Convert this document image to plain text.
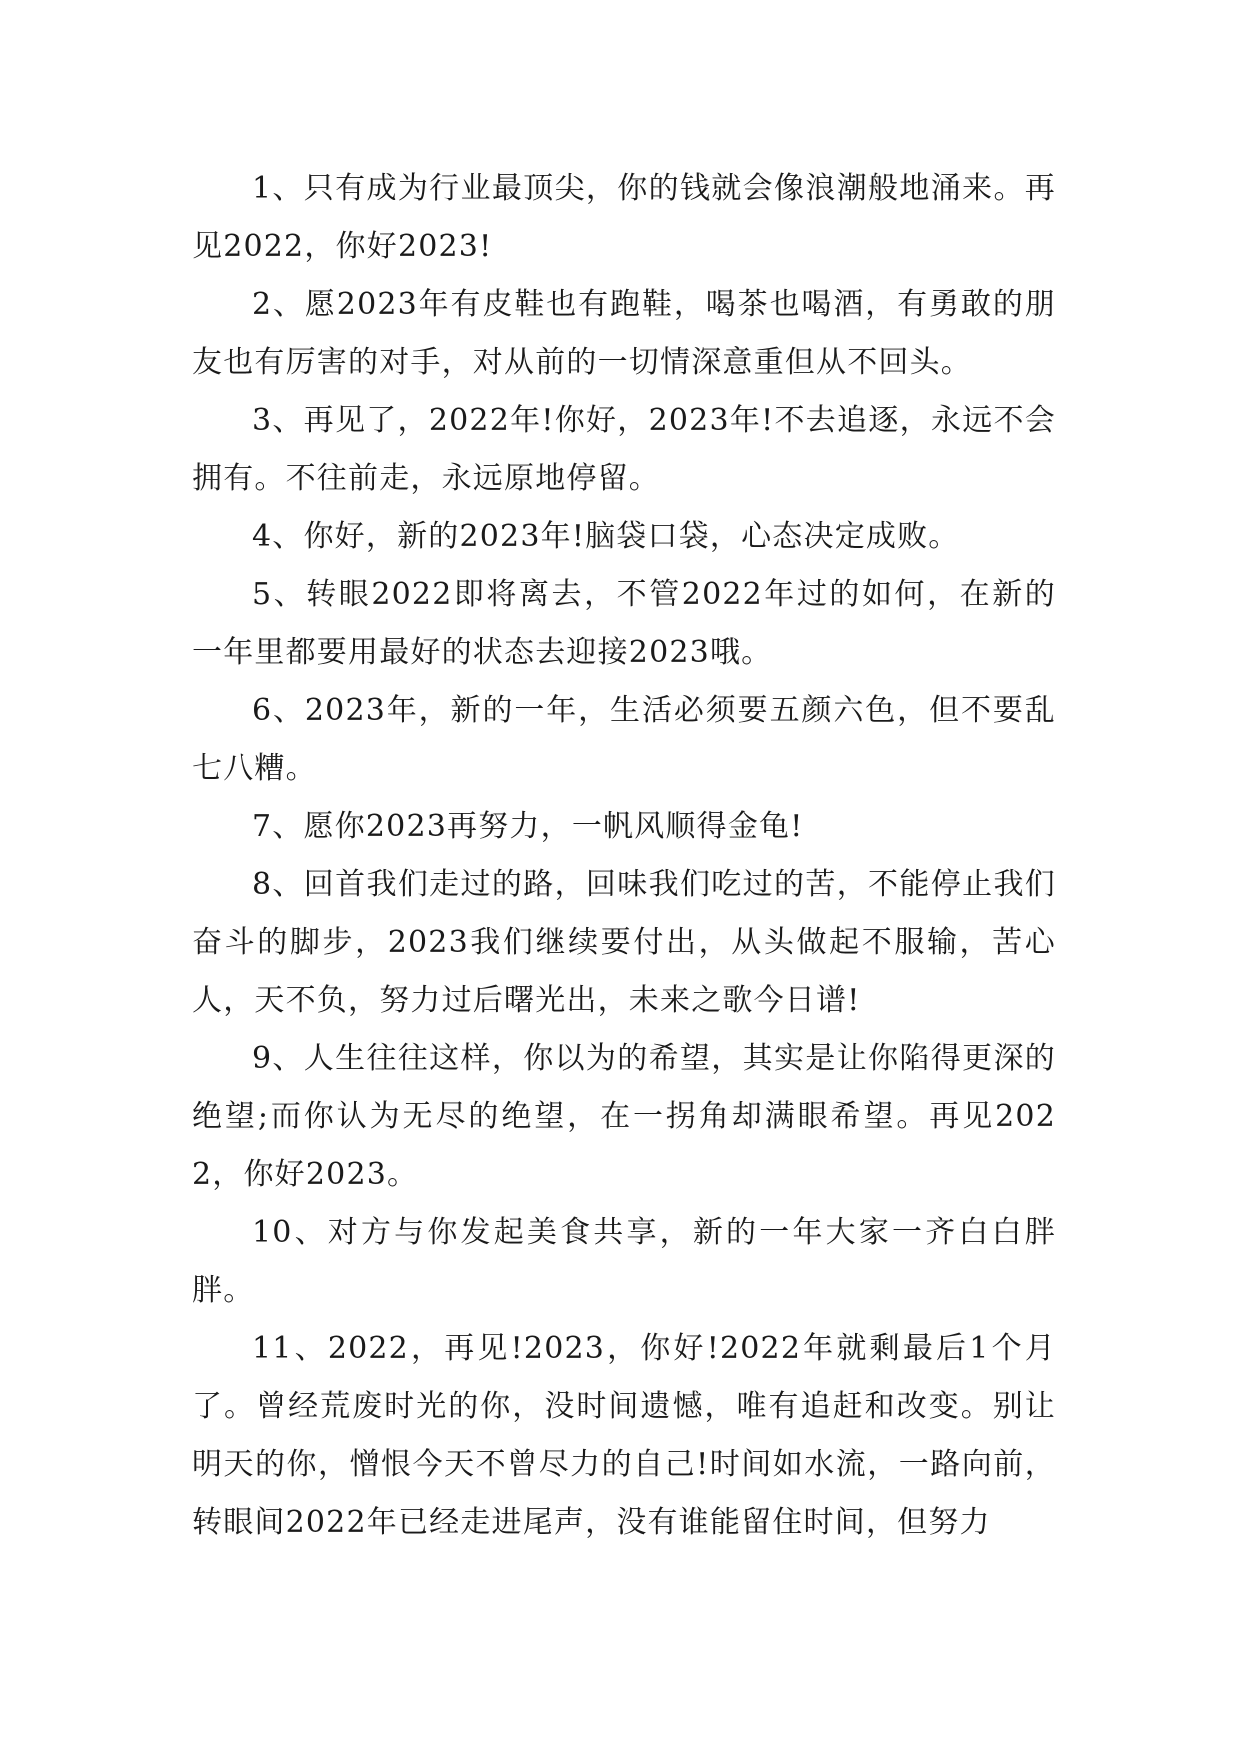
1、只有成为行业最顶尖，你的钱就会像浪潮般地涌来。再见2022，你好2023!

2、愿2023年有皮鞋也有跑鞋，喝茶也喝酒，有勇敢的朋友也有厉害的对手，对从前的一切情深意重但从不回头。

3、再见了，2022年!你好，2023年!不去追逐，永远不会拥有。不往前走，永远原地停留。

4、你好，新的2023年!脑袋口袋，心态决定成败。

5、转眼2022即将离去，不管2022年过的如何，在新的一年里都要用最好的状态去迎接2023哦。

6、2023年，新的一年，生活必须要五颜六色，但不要乱七八糟。

7、愿你2023再努力，一帆风顺得金龟!

8、回首我们走过的路，回味我们吃过的苦，不能停止我们奋斗的脚步，2023我们继续要付出，从头做起不服输，苦心人，天不负，努力过后曙光出，未来之歌今日谱!

9、人生往往这样，你以为的希望，其实是让你陷得更深的绝望;而你认为无尽的绝望，在一拐角却满眼希望。再见2022，你好2023。

10、对方与你发起美食共享，新的一年大家一齐白白胖胖。

11、2022，再见!2023，你好!2022年就剩最后1个月了。曾经荒废时光的你，没时间遗憾，唯有追赶和改变。别让明天的你，憎恨今天不曾尽力的自己!时间如水流，一路向前，转眼间2022年已经走进尾声，没有谁能留住时间，但努力
